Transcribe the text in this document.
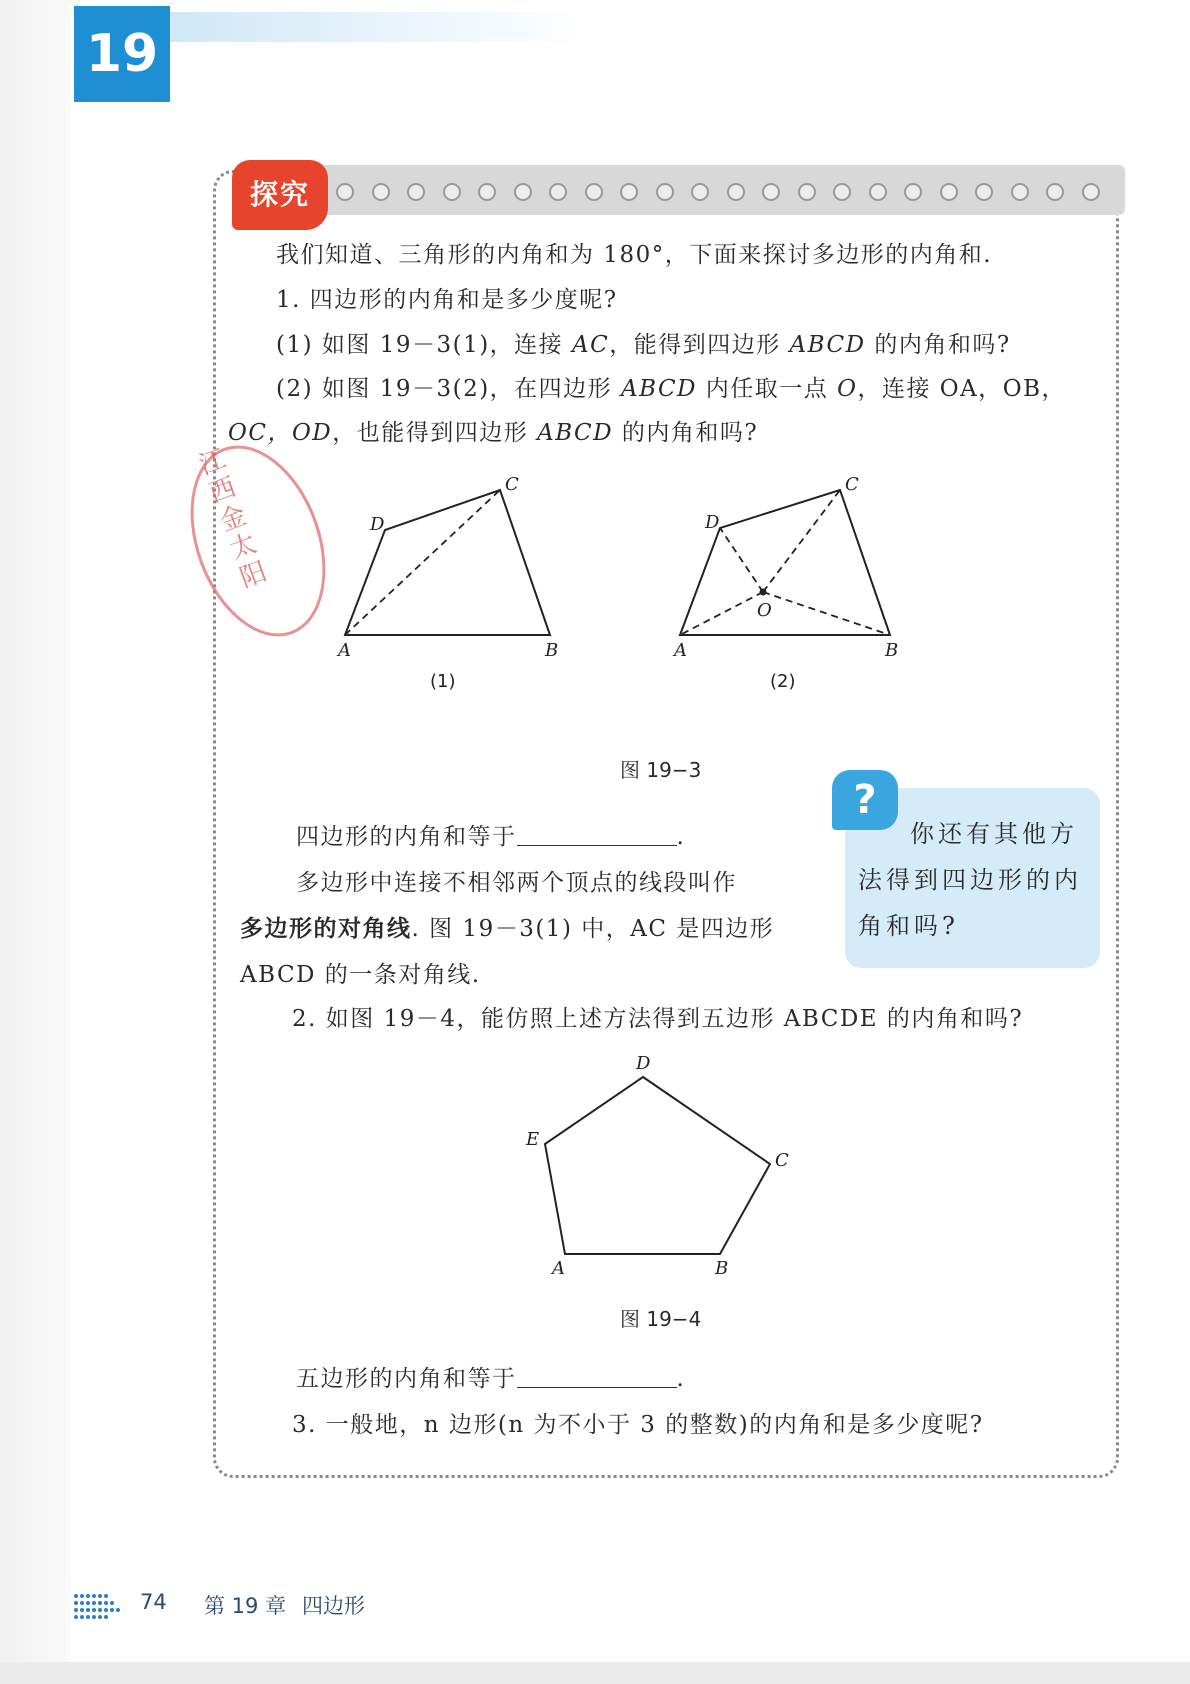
19
探究
江西金太阳
我们知道、三角形的内角和为 180°，下面来探讨多边形的内角和.
1. 四边形的内角和是多少度呢?
(1) 如图 19－3(1)，连接 AC，能得到四边形 ABCD 的内角和吗?
(2) 如图 19－3(2)，在四边形 ABCD 内任取一点 O，连接 OA，OB，
OC，OD，也能得到四边形 ABCD 的内角和吗?
A	B
C
D
A	B
C
D
O
(1)	(2)
图 19−3
四边形的内角和等于	.
多边形中连接不相邻两个顶点的线段叫作
多边形的对角线. 图 19－3(1) 中，AC 是四边形
ABCD 的一条对角线.
?
你还有其他方
法得到四边形的内
角和吗?
2. 如图 19－4，能仿照上述方法得到五边形 ABCDE 的内角和吗?
A	B
C
D
E
图 19−4
五边形的内角和等于	.
3. 一般地，n 边形(n 为不小于 3 的整数)的内角和是多少度呢?
74 第 19 章 四边形
